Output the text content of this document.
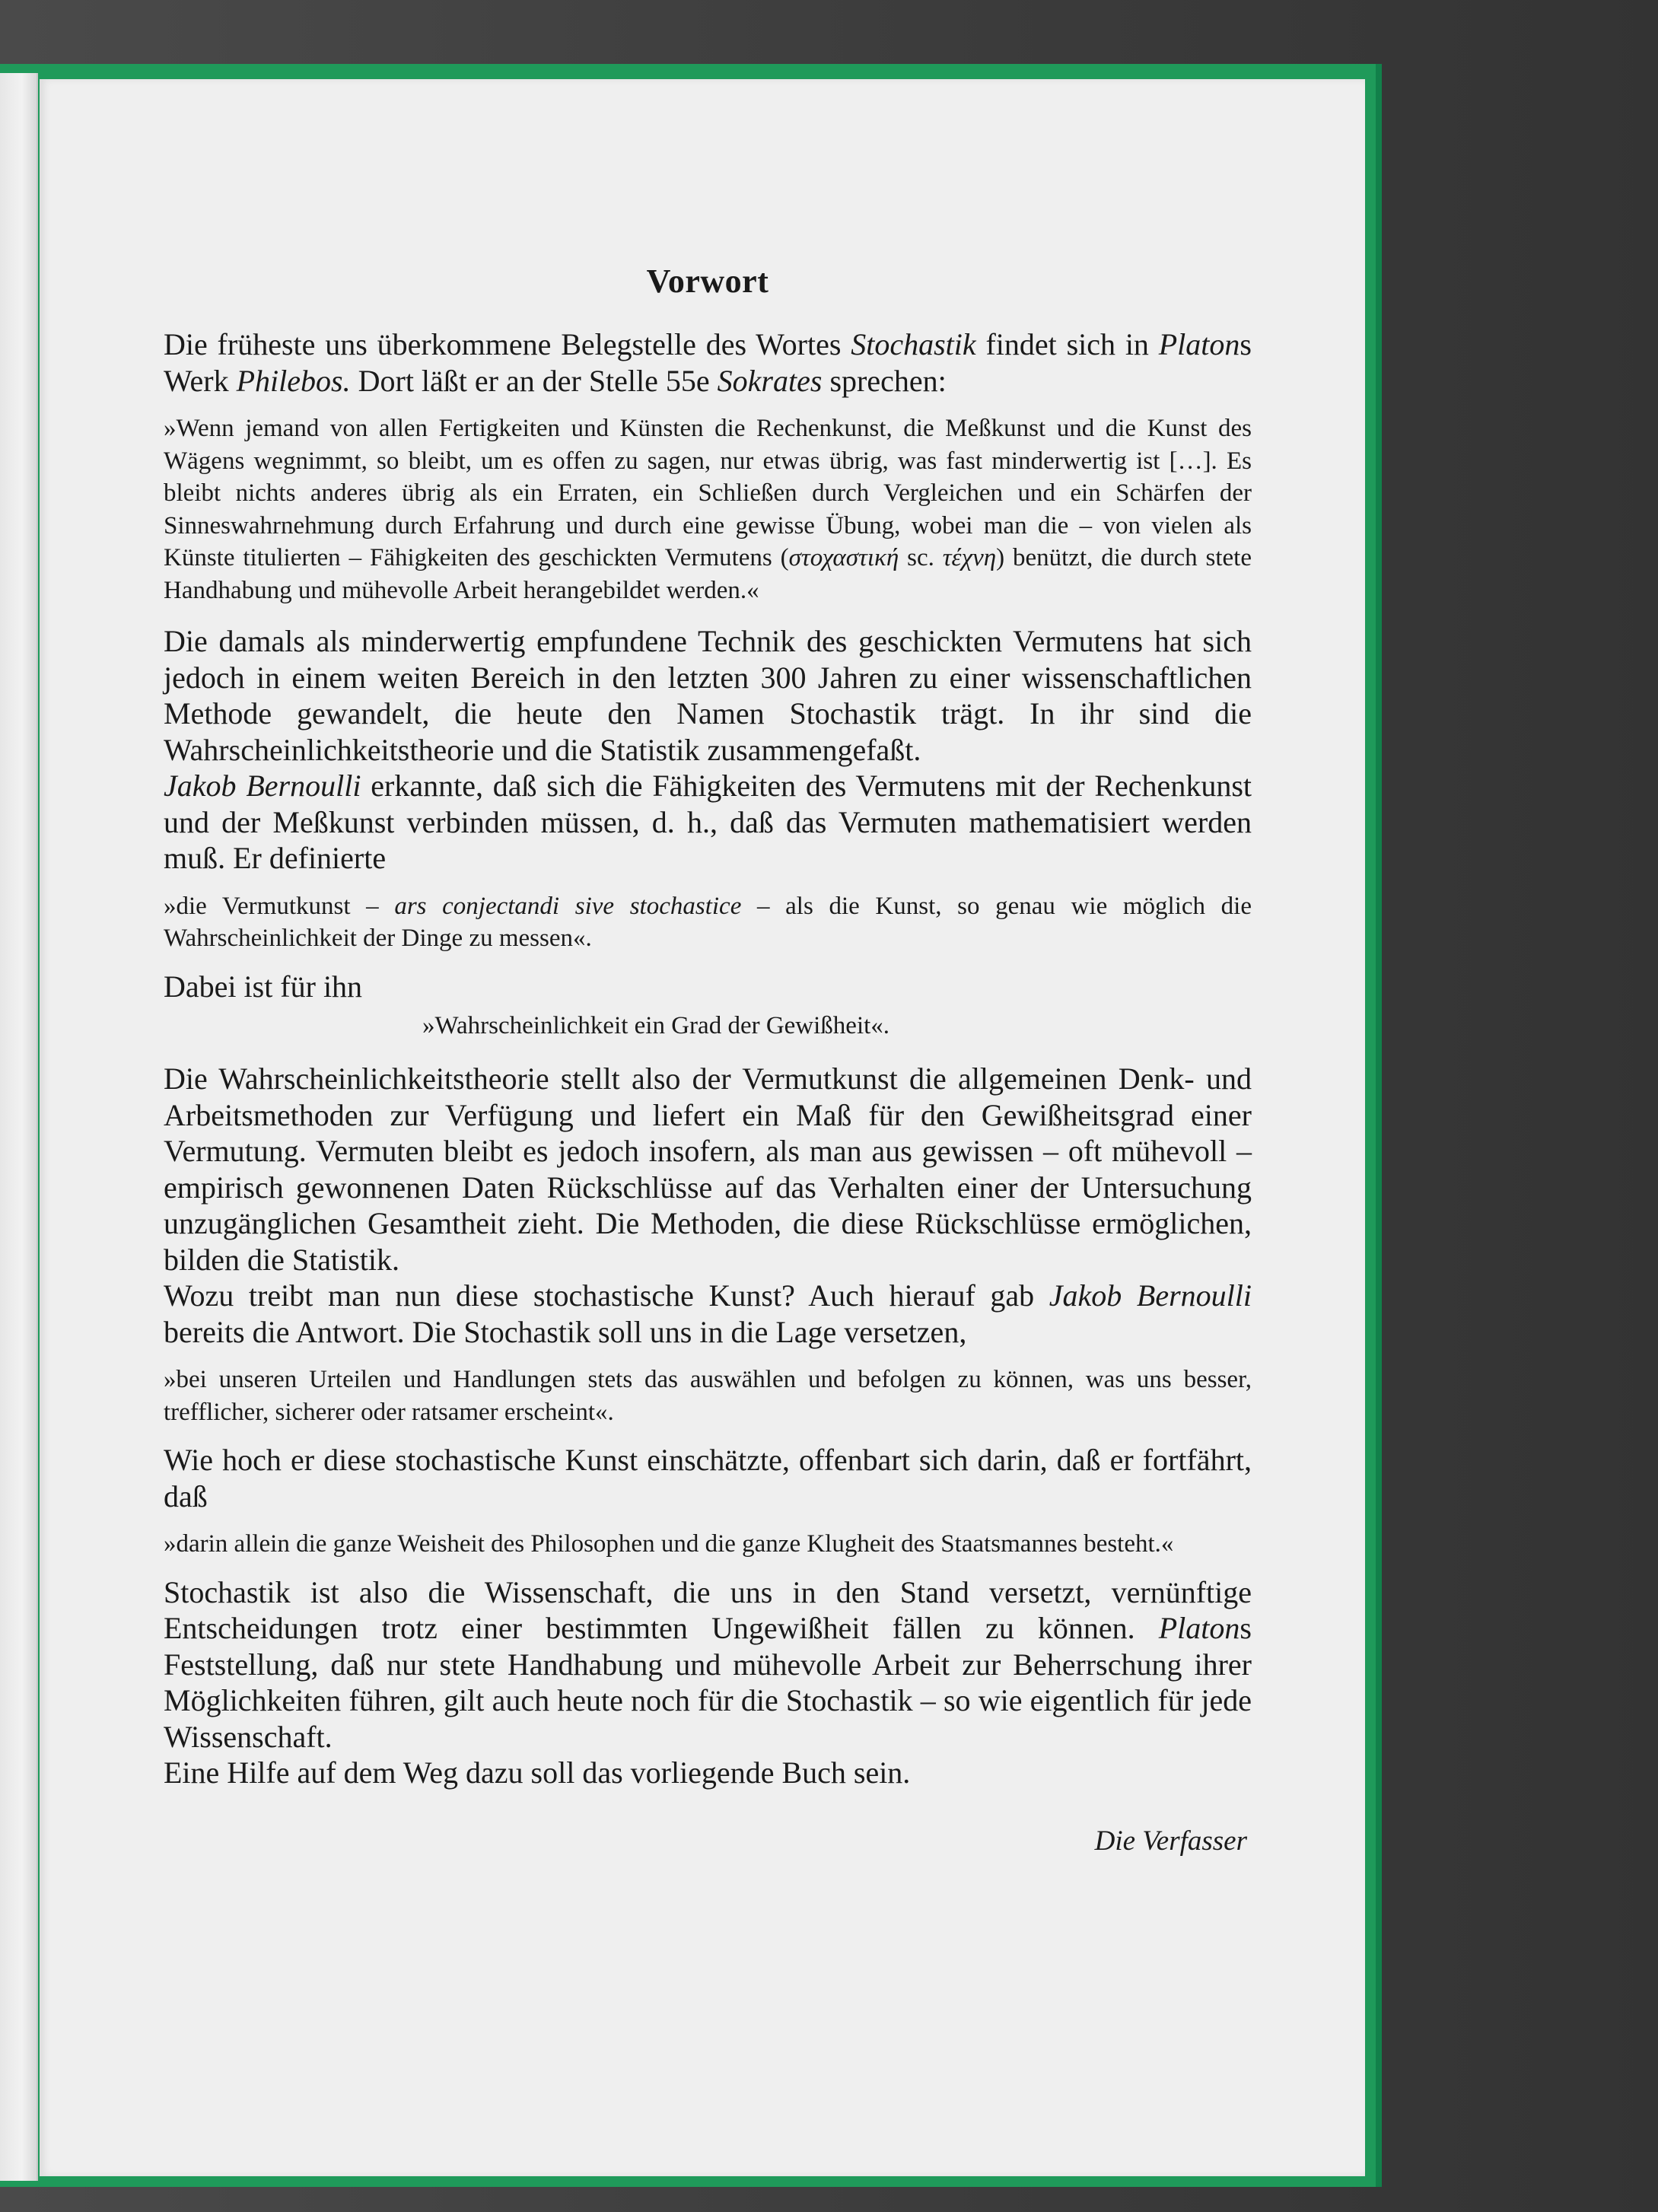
Vorwort

Die früheste uns überkommene Belegstelle des Wortes Stochastik findet sich in Platons Werk Philebos. Dort läßt er an der Stelle 55e Sokrates sprechen:

»Wenn jemand von allen Fertigkeiten und Künsten die Rechenkunst, die Meßkunst und die Kunst des Wägens wegnimmt, so bleibt, um es offen zu sagen, nur etwas übrig, was fast minderwertig ist […]. Es bleibt nichts anderes übrig als ein Erraten, ein Schließen durch Vergleichen und ein Schärfen der Sinneswahrnehmung durch Erfahrung und durch eine gewisse Übung, wobei man die – von vielen als Künste titulierten – Fähigkeiten des geschickten Vermutens (στοχαστική sc. τέχνη) benützt, die durch stete Handhabung und mühevolle Arbeit herangebildet werden.«

Die damals als minderwertig empfundene Technik des geschickten Vermutens hat sich jedoch in einem weiten Bereich in den letzten 300 Jahren zu einer wissenschaftlichen Methode gewandelt, die heute den Namen Stochastik trägt. In ihr sind die Wahrscheinlichkeitstheorie und die Statistik zusammengefaßt.

Jakob Bernoulli erkannte, daß sich die Fähigkeiten des Vermutens mit der Rechenkunst und der Meßkunst verbinden müssen, d. h., daß das Vermuten mathematisiert werden muß. Er definierte

»die Vermutkunst – ars conjectandi sive stochastice – als die Kunst, so genau wie möglich die Wahrscheinlichkeit der Dinge zu messen«.

Dabei ist für ihn

»Wahrscheinlichkeit ein Grad der Gewißheit«.

Die Wahrscheinlichkeitstheorie stellt also der Vermutkunst die allgemeinen Denk- und Arbeitsmethoden zur Verfügung und liefert ein Maß für den Gewißheitsgrad einer Vermutung. Vermuten bleibt es jedoch insofern, als man aus gewissen – oft mühevoll – empirisch gewonnenen Daten Rückschlüsse auf das Verhalten einer der Untersuchung unzugänglichen Gesamtheit zieht. Die Methoden, die diese Rückschlüsse ermöglichen, bilden die Statistik.

Wozu treibt man nun diese stochastische Kunst? Auch hierauf gab Jakob Bernoulli bereits die Antwort. Die Stochastik soll uns in die Lage versetzen,

»bei unseren Urteilen und Handlungen stets das auswählen und befolgen zu können, was uns besser, trefflicher, sicherer oder ratsamer erscheint«.

Wie hoch er diese stochastische Kunst einschätzte, offenbart sich darin, daß er fortfährt, daß

»darin allein die ganze Weisheit des Philosophen und die ganze Klugheit des Staatsmannes besteht.«

Stochastik ist also die Wissenschaft, die uns in den Stand versetzt, vernünftige Entscheidungen trotz einer bestimmten Ungewißheit fällen zu können. Platons Feststellung, daß nur stete Handhabung und mühevolle Arbeit zur Beherrschung ihrer Möglichkeiten führen, gilt auch heute noch für die Stochastik – so wie eigentlich für jede Wissenschaft.

Eine Hilfe auf dem Weg dazu soll das vorliegende Buch sein.

Die Verfasser
